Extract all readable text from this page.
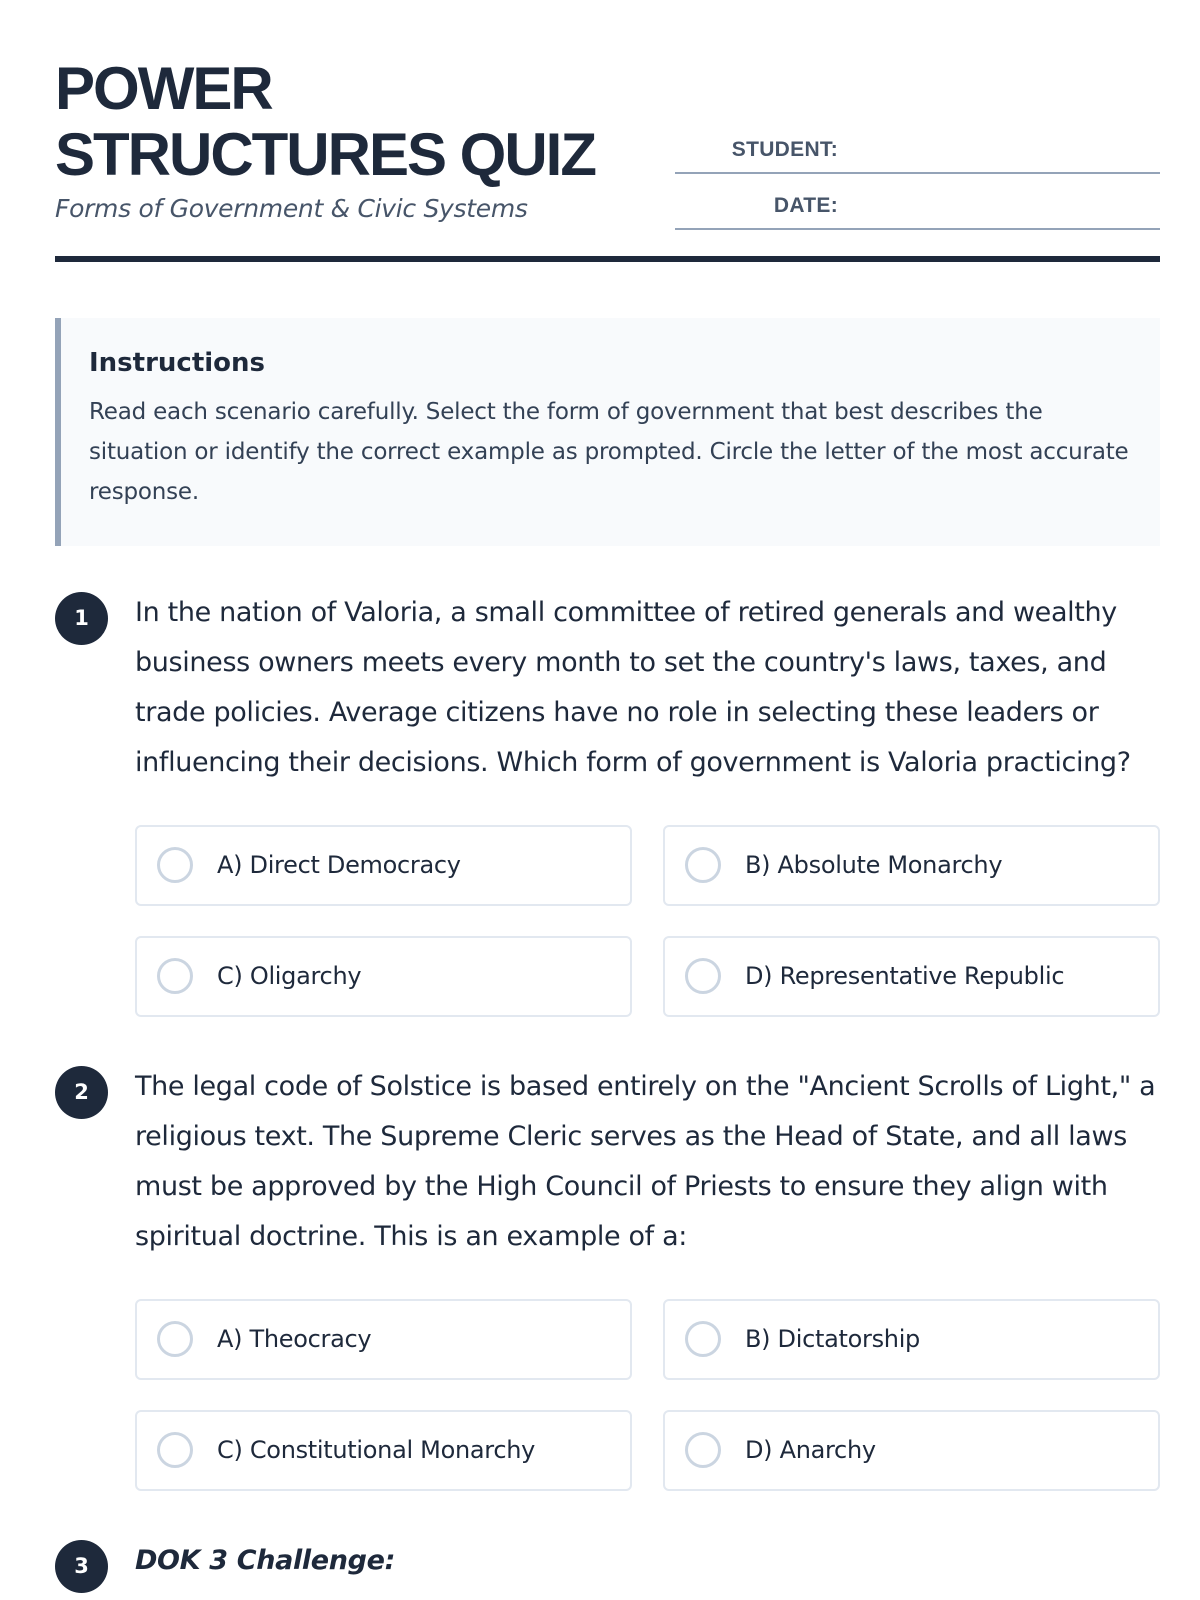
POWER
STRUCTURES QUIZ
Forms of Government & Civic Systems
STUDENT:
DATE:
Instructions

Read each scenario carefully. Select the form of government that best describes the situation or identify the correct example as prompted. Circle the letter of the most accurate response.

1	In the nation of Valoria, a small committee of retired generals and wealthy business owners meets every month to set the country's laws, taxes, and trade policies. Average citizens have no role in selecting these leaders or influencing their decisions. Which form of government is Valoria practicing?

A) Direct Democracy	B) Absolute Monarchy
C) Oligarchy	D) Representative Republic
2	The legal code of Solstice is based entirely on the "Ancient Scrolls of Light," a religious text. The Supreme Cleric serves as the Head of State, and all laws must be approved by the High Council of Priests to ensure they align with spiritual doctrine. This is an example of a:

A) Theocracy	B) Dictatorship
C) Constitutional Monarchy	D) Anarchy
3	DOK 3 Challenge:
